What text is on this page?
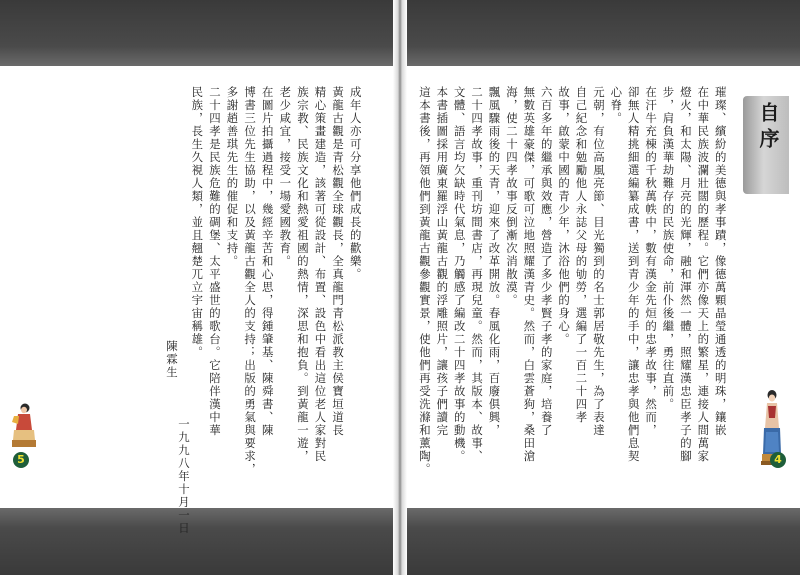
自序
璀璨、繽紛的美德與孝事蹟，像德萬顆晶瑩通透的明珠，鑲嵌
在中華民族波瀾壯闊的歷程。它們亦像天上的繁星，連接人間萬家
燈火，和太陽、月亮的光輝，融和渾然一體，照耀漢忠臣孝子的腳
步，肩負漢華劫難存的民族使命，前仆後繼，勇往直前。
在汗牛充棟的千秋萬帙中，數有漢金先烜的忠孝故事，然而，
卻無人精挑細選編纂成書，送到青少年的手中，讓忠孝與他們息契
心脊。
元朝，有位高風亮節、目光獨到的名士郭居敬先生，為了表達
自己紀念和勉勵他人永誌父母的劬勞，選編了一百二十四孝
故事，啟蒙中國的青少年，沐浴他們的身心。
六百多年的繼承與效應，營造了多少孝賢子孝的家庭，培養了
無數英雄豪傑，可歌可泣地照耀漢青史。然而，白雲蒼狗，桑田滄
海，使二十四孝故事反倒漸次消散漠。
飄風驟雨後的天青，迎來了改革開放。春風化雨，百廢俱興，
二十四孝故事，重刊坊間書店，再現兒童。然而，其版本、故事、
文體、語言均欠缺時代氣息，乃觸感了編改二十四孝故事的動機。
本書插圖採用廣東羅浮山黃龍古觀的浮雕照片，讓孩子們讀完
這本書後，再領他們到黃龍古觀參觀實景，使他們再受洗滌和薰陶。
成年人亦可分享他們成長的歡樂。
黃龍古觀是青松觀全球觀長，全真龍門青松派教主侯寶垣道長
精心策畫建造，該著可從設計、布置、設色中看出這位老人家對民
族宗教、民族文化和熱愛祖國的熱情，深思和抱負。到黃龍一遊，
老少咸宜，接受一場愛國教育。
在圖片拍攝過程中，幾經辛苦和心思，得鍾肇基、陳舜書、陳
博書三位先生協助，以及黃龍古觀全人的支持；出版的勇氣與要求，
多謝趙善琪先生的催促和支持。
二十四孝是民族危難的碉堡、太平盛世的歌台。它陪伴漢中華
民族，長生久視人類，並且翹楚兀立宇宙稱雄。
陳霖生
一九九八年十月一日	4
5
